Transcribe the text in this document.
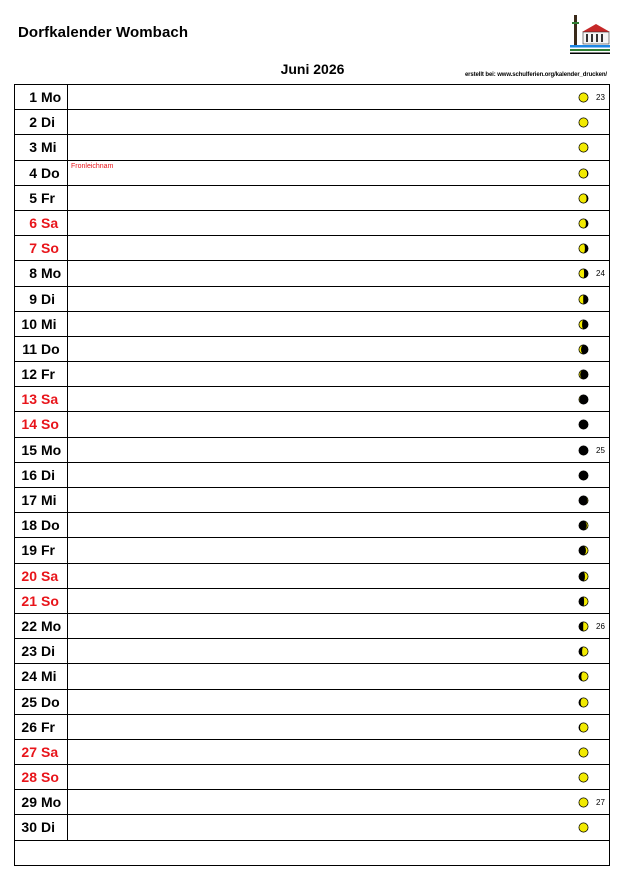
Dorfkalender Wombach
Juni 2026	erstellt bei: www.schulferien.org/kalender_drucken/
1 Mo	23
2 Di
3 Mi
4 Do Fronleichnam
5 Fr
6 Sa
7 So
8 Mo	24
9 Di
10 Mi
11 Do
12 Fr
13 Sa
14 So
15 Mo	25
16 Di
17 Mi
18 Do
19 Fr
20 Sa
21 So
22 Mo	26
23 Di
24 Mi
25 Do
26 Fr
27 Sa
28 So
29 Mo	27
30 Di
